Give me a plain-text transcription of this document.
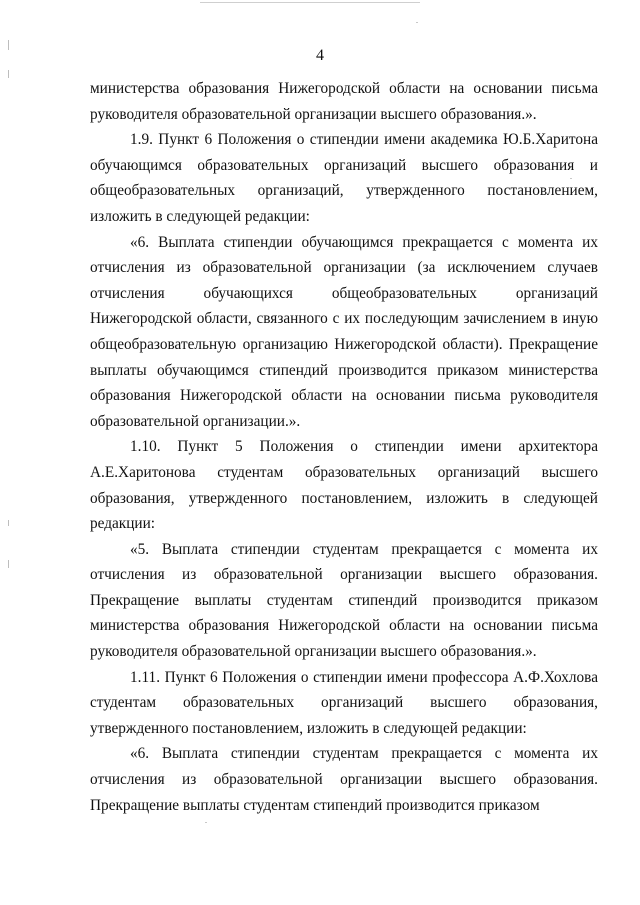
4

министерства образования Нижегородской области на основании письма руководителя образовательной организации высшего образования.».

1.9. Пункт 6 Положения о стипендии имени академика Ю.Б.Харитона обучающимся образовательных организаций высшего образования и общеобразовательных организаций, утвержденного постановлением, изложить в следующей редакции:

«6. Выплата стипендии обучающимся прекращается с момента их отчисления из образовательной организации (за исключением случаев отчисления обучающихся общеобразовательных организаций Нижегородской области, связанного с их последующим зачислением в иную общеобразовательную организацию Нижегородской области). Прекращение выплаты обучающимся стипендий производится приказом министерства образования Нижегородской области на основании письма руководителя образовательной организации.».

1.10. Пункт 5 Положения о стипендии имени архитектора А.Е.Харитонова студентам образовательных организаций высшего образования, утвержденного постановлением, изложить в следующей редакции:

«5. Выплата стипендии студентам прекращается с момента их отчисления из образовательной организации высшего образования. Прекращение выплаты студентам стипендий производится приказом министерства образования Нижегородской области на основании письма руководителя образовательной организации высшего образования.».

1.11. Пункт 6 Положения о стипендии имени профессора А.Ф.Хохлова студентам образовательных организаций высшего образования, утвержденного постановлением, изложить в следующей редакции:

«6. Выплата стипендии студентам прекращается с момента их отчисления из образовательной организации высшего образования. Прекращение выплаты студентам стипендий производится приказом
